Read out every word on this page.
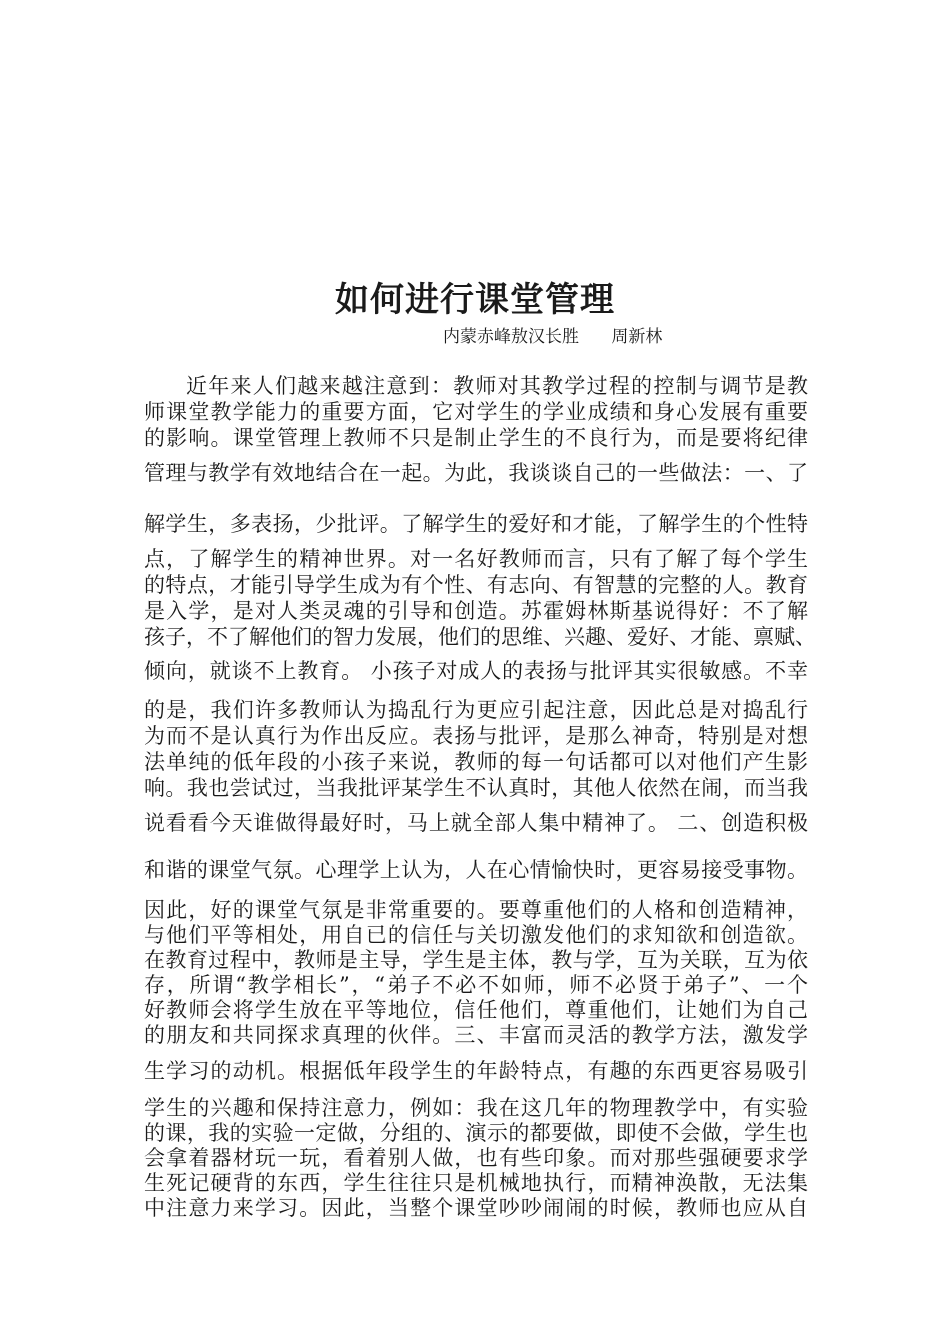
如何进行课堂管理
内蒙赤峰敖汉长胜      周新林
近年来人们越来越注意到：教师对其教学过程的控制与调节是教
师课堂教学能力的重要方面，它对学生的学业成绩和身心发展有重要
的影响。课堂管理上教师不只是制止学生的不良行为，而是要将纪律
管理与教学有效地结合在一起。为此，我谈谈自己的一些做法：一、了
解学生，多表扬，少批评。了解学生的爱好和才能，了解学生的个性特
点，了解学生的精神世界。对一名好教师而言，只有了解了每个学生
的特点，才能引导学生成为有个性、有志向、有智慧的完整的人。教育
是入学，是对人类灵魂的引导和创造。苏霍姆林斯基说得好：不了解
孩子，不了解他们的智力发展，他们的思维、兴趣、爱好、才能、禀赋、
倾向，就谈不上教育。 小孩子对成人的表扬与批评其实很敏感。不幸
的是，我们许多教师认为捣乱行为更应引起注意，因此总是对捣乱行
为而不是认真行为作出反应。表扬与批评，是那么神奇，特别是对想
法单纯的低年段的小孩子来说，教师的每一句话都可以对他们产生影
响。我也尝试过，当我批评某学生不认真时，其他人依然在闹，而当我
说看看今天谁做得最好时，马上就全部人集中精神了。 二、创造积极
和谐的课堂气氛。心理学上认为，人在心情愉快时，更容易接受事物。
因此，好的课堂气氛是非常重要的。要尊重他们的人格和创造精神，
与他们平等相处，用自已的信任与关切激发他们的求知欲和创造欲。
在教育过程中，教师是主导，学生是主体，教与学，互为关联，互为依
存，所谓“教学相长”，“弟子不必不如师，师不必贤于弟子”、一个
好教师会将学生放在平等地位，信任他们，尊重他们，让她们为自己
的朋友和共同探求真理的伙伴。三、丰富而灵活的教学方法，激发学
生学习的动机。根据低年段学生的年龄特点，有趣的东西更容易吸引
学生的兴趣和保持注意力，例如：我在这几年的物理教学中，有实验
的课，我的实验一定做，分组的、演示的都要做，即使不会做，学生也
会拿着器材玩一玩，看着别人做，也有些印象。而对那些强硬要求学
生死记硬背的东西，学生往往只是机械地执行，而精神涣散，无法集
中注意力来学习。因此，当整个课堂吵吵闹闹的时候，教师也应从自
